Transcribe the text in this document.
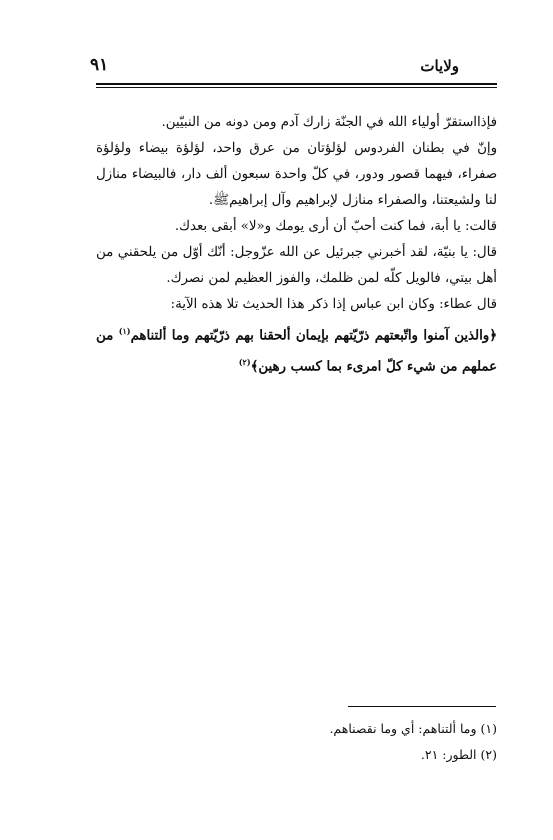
ولايات
٩١

فإذااستقرّ أولياء الله في الجنّة زارك آدم ومن دونه من النبيّين.

وإنّ في بطنان الفردوس لؤلؤتان من عرق واحد، لؤلؤة بيضاء ولؤلؤة صفراء، فيهما قصور ودور، في كلّ واحدة سبعون ألف دار، فالبيضاء منازل لنا ولشيعتنا، والصفراء منازل لإبراهيم وآل إبراهيمﷺ.

قالت: يا أبة، فما كنت أحبّ أن أرى يومك و«لا» أبقى بعدك.

قال: يا بنيّة، لقد أخبرني جبرئيل عن الله عزّوجل: أنّك أوّل من يلحقني من أهل بيتي، فالويل كلّه لمن ظلمك، والفوز العظيم لمن نصرك.

قال عطاء: وكان ابن عباس إذا ذكر هذا الحديث تلا هذه الآية:

﴿والذين آمنوا واتّبعتهم ذرّيّتهم بإيمان ألحقنا بهم ذرّيّتهم وما ألتناهم$^{(١)}$ من عملهم من شيء كلّ امرىء بما كسب رهين﴾$^{(٢)}$

(١) وما ألتناهم: أي وما نقصناهم.

(٢) الطور: ٢١.
